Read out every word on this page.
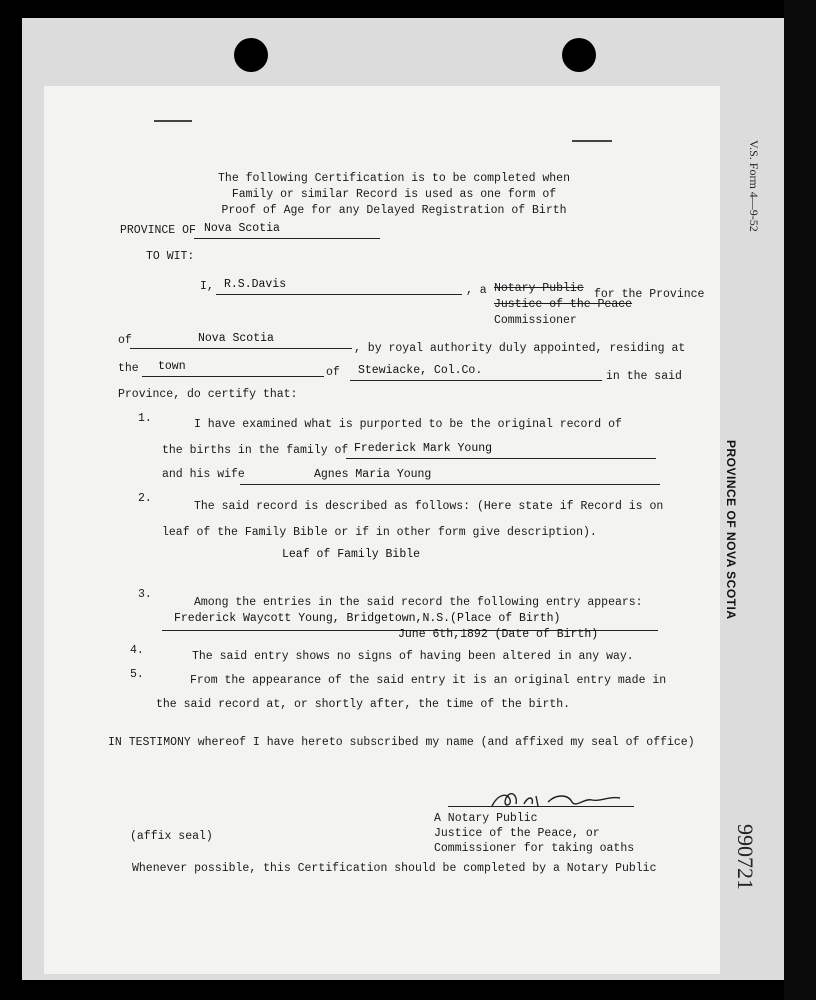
V.S. Form 4—9-52
PROVINCE OF NOVA SCOTIA
990721
The following Certification is to be completed when
Family or similar Record is used as one form of
Proof of Age for any Delayed Registration of Birth
PROVINCE OF Nova Scotia
TO WIT:
I, R.S.Davis	, a Notary Public for the Province
Justice of the Peace
Commissioner
of	Nova Scotia
, by royal authority duly appointed, residing at
the town	of Stewiacke, Col.Co.	in the said
Province, do certify that:
1.	I have examined what is purported to be the original record of
the births in the family of Frederick Mark Young
and his wife	Agnes Maria Young
2.
The said record is described as follows: (Here state if Record is on
leaf of the Family Bible or if in other form give description).
Leaf of Family Bible
3.
Among the entries in the said record the following entry appears:
Frederick Waycott Young, Bridgetown,N.S.(Place of Birth)
June 6th,1892 (Date of Birth)
4.	The said entry shows no signs of having been altered in any way.
5.	From the appearance of the said entry it is an original entry made in
the said record at, or shortly after, the time of the birth.
IN TESTIMONY whereof I have hereto subscribed my name (and affixed my seal of office)
A Notary Public
Justice of the Peace, or
Commissioner for taking oaths
(affix seal)
Whenever possible, this Certification should be completed by a Notary Public
